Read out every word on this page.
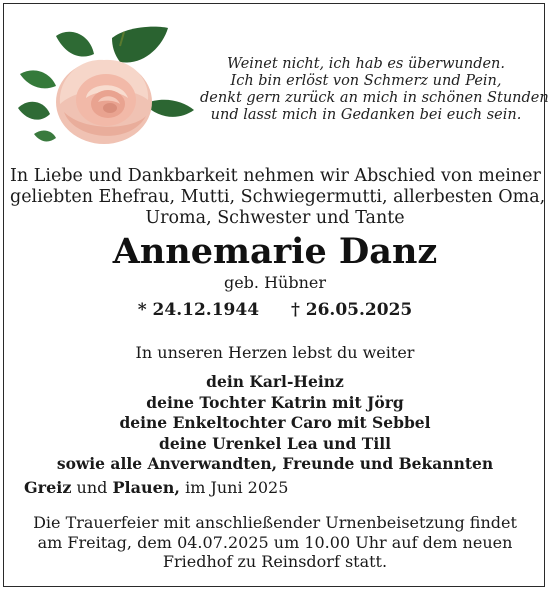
Weinet nicht, ich hab es überwunden.
Ich bin erlöst von Schmerz und Pein,
denkt gern zurück an mich in schönen Stunden
und lasst mich in Gedanken bei euch sein.
In Liebe und Dankbarkeit nehmen wir Abschied von meiner
geliebten Ehefrau, Mutti, Schwiegermutti, allerbesten Oma,
Uroma, Schwester und Tante
Annemarie Danz
geb. Hübner
* 24.12.1944 † 26.05.2025
In unseren Herzen lebst du weiter
dein Karl-Heinz
deine Tochter Katrin mit Jörg
deine Enkeltochter Caro mit Sebbel
deine Urenkel Lea und Till
sowie alle Anverwandten, Freunde und Bekannten
Greiz und Plauen, im Juni 2025
Die Trauerfeier mit anschließender Urnenbeisetzung findet
am Freitag, dem 04.07.2025 um 10.00 Uhr auf dem neuen
Friedhof zu Reinsdorf statt.
